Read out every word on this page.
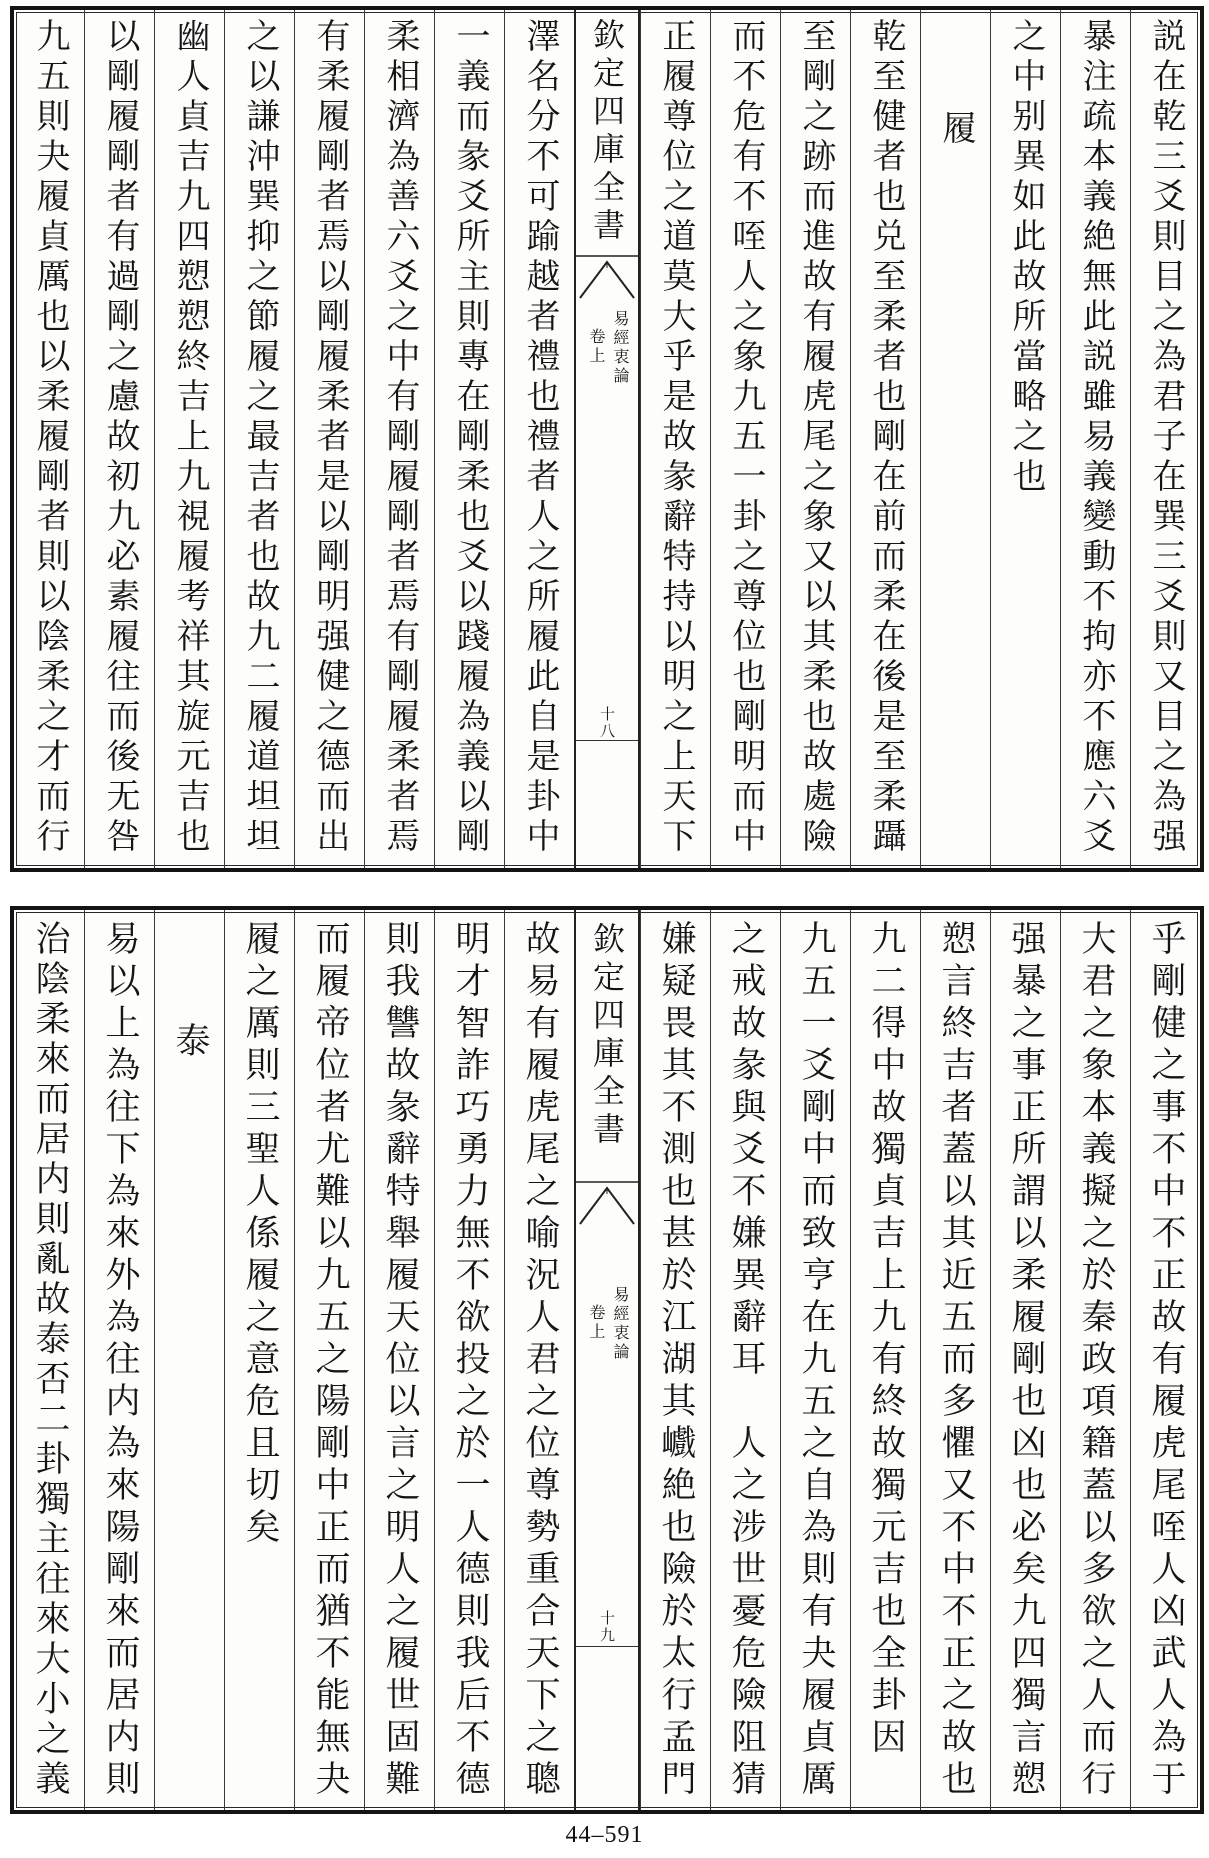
説在乾三爻則目之為君子在巽三爻則又目之為强
暴注疏本義絶無此説雖易義變動不拘亦不應六爻
之中别異如此故所當略之也
履
乾至健者也兑至柔者也剛在前而柔在後是至柔躡
至剛之跡而進故有履虎尾之象又以其柔也故處險
而不危有不咥人之象九五一卦之尊位也剛明而中
正履尊位之道莫大乎是故彖辭特持以明之上天下
欽定四庫全書
易經衷論
卷上
十八
澤名分不可踰越者禮也禮者人之所履此自是卦中
一義而彖爻所主則專在剛柔也爻以踐履為義以剛
柔相濟為善六爻之中有剛履剛者焉有剛履柔者焉
有柔履剛者焉以剛履柔者是以剛明强健之德而出
之以謙沖巽抑之節履之最吉者也故九二履道坦坦
幽人貞吉九四愬愬終吉上九視履考祥其旋元吉也
以剛履剛者有過剛之慮故初九必素履往而後无咎
九五則夬履貞厲也以柔履剛者則以陰柔之才而行
乎剛健之事不中不正故有履虎尾咥人凶武人為于
大君之象本義擬之於秦政項籍蓋以多欲之人而行
强暴之事正所謂以柔履剛也凶也必矣九四獨言愬
愬言終吉者蓋以其近五而多懼又不中不正之故也
九二得中故獨貞吉上九有終故獨元吉也全卦因
九五一爻剛中而致亨在九五之自為則有夬履貞厲
之戒故彖與爻不嫌異辭耳　人之涉世憂危險阻猜
嫌疑畏其不測也甚於江湖其巇絶也險於太行孟門
欽定四庫全書
易經衷論
卷上
十九
故易有履虎尾之喻況人君之位尊勢重合天下之聰
明才智詐巧勇力無不欲投之於一人德則我后不德
則我讐故彖辭特舉履天位以言之明人之履世固難
而履帝位者尤難以九五之陽剛中正而猶不能無夬
履之厲則三聖人係履之意危且切矣
泰
易以上為往下為來外為往内為來陽剛來而居内則
治陰柔來而居内則亂故泰否二卦獨主往來大小之義
44–591
